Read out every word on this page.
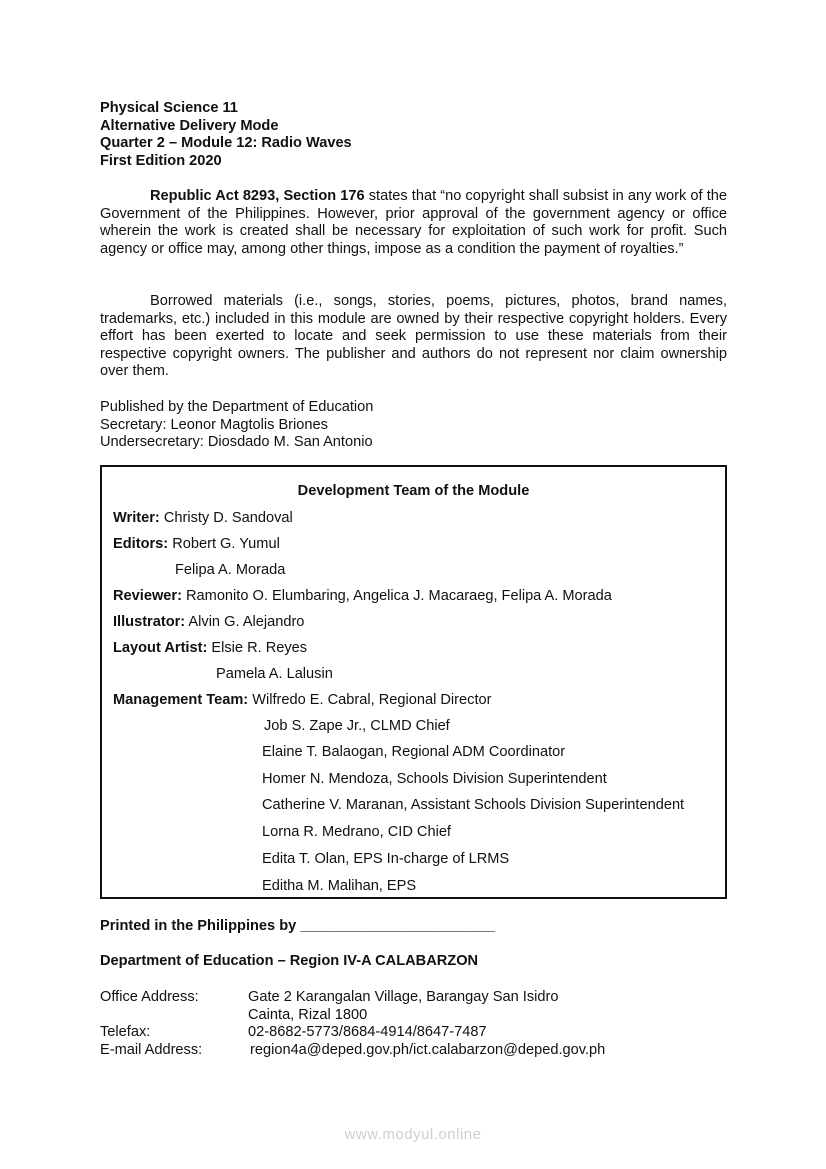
Physical Science 11
Alternative Delivery Mode
Quarter 2 – Module 12: Radio Waves
First Edition 2020

Republic Act 8293, Section 176 states that “no copyright shall subsist in any work of the Government of the Philippines. However, prior approval of the government agency or office wherein the work is created shall be necessary for exploitation of such work for profit. Such agency or office may, among other things, impose as a condition the payment of royalties.”

Borrowed materials (i.e., songs, stories, poems, pictures, photos, brand names, trademarks, etc.) included in this module are owned by their respective copyright holders. Every effort has been exerted to locate and seek permission to use these materials from their respective copyright owners. The publisher and authors do not represent nor claim ownership over them.

Published by the Department of Education
Secretary: Leonor Magtolis Briones
Undersecretary: Diosdado M. San Antonio
Development Team of the Module
Writer: Christy D. Sandoval
Editors: Robert G. Yumul
Felipa A. Morada
Reviewer: Ramonito O. Elumbaring, Angelica J. Macaraeg, Felipa A. Morada
Illustrator: Alvin G. Alejandro
Layout Artist: Elsie R. Reyes
Pamela A. Lalusin
Management Team: Wilfredo E. Cabral, Regional Director
Job S. Zape Jr., CLMD Chief
Elaine T. Balaogan, Regional ADM Coordinator
Homer N. Mendoza, Schools Division Superintendent
Catherine V. Maranan, Assistant Schools Division Superintendent
Lorna R. Medrano, CID Chief
Edita T. Olan, EPS In-charge of LRMS
Editha M. Malihan, EPS
Printed in the Philippines by ________________________
Department of Education – Region IV-A CALABARZON
Office Address:	Gate 2 Karangalan Village, Barangay San Isidro
Cainta, Rizal 1800
Telefax:	02-8682-5773/8684-4914/8647-7487
E-mail Address:	region4a@deped.gov.ph/ict.calabarzon@deped.gov.ph
www.modyul.online
